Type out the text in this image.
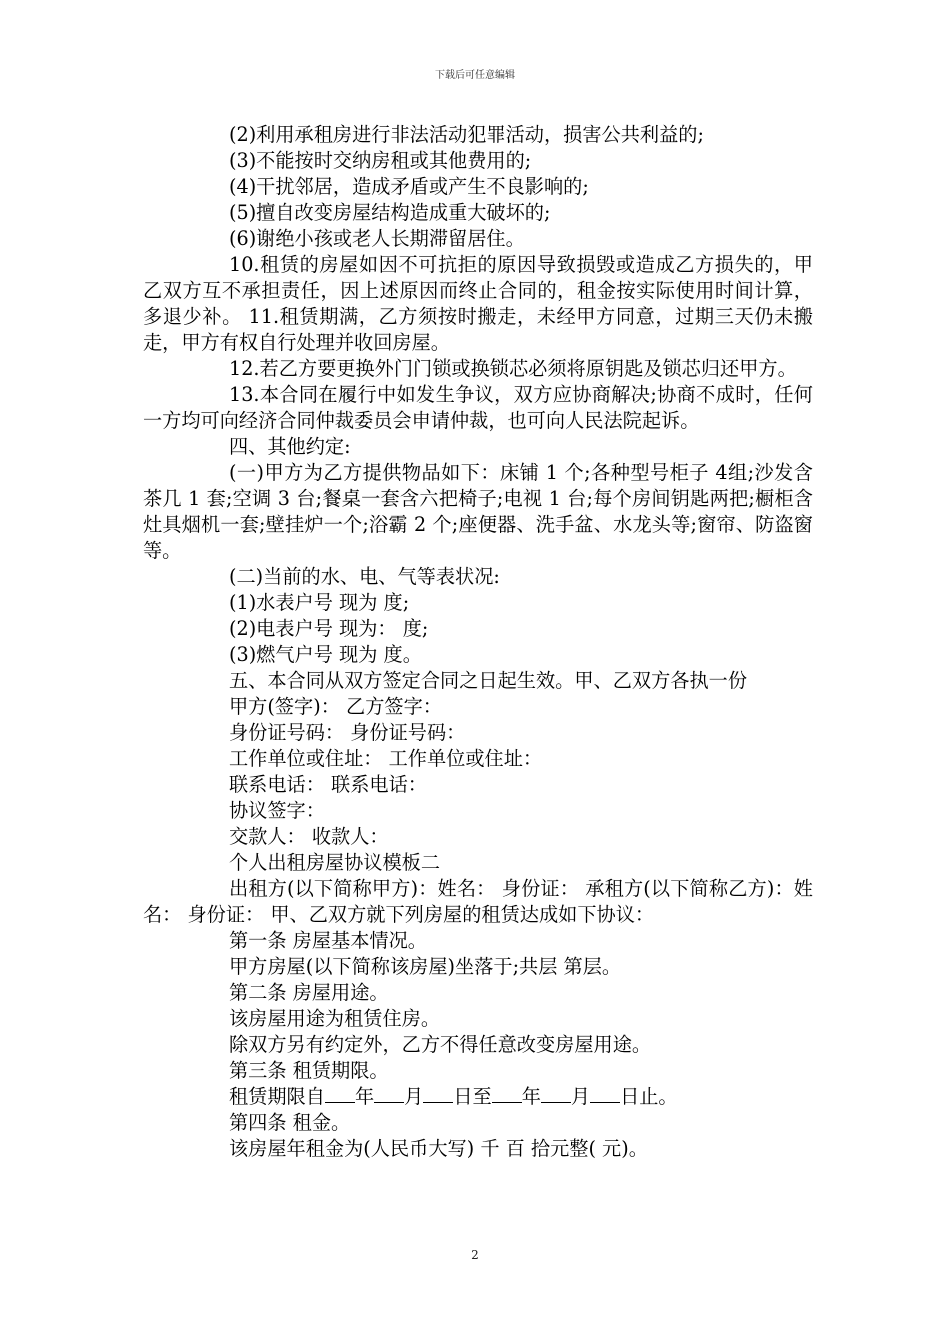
下载后可任意编辑

(2)利用承租房进行非法活动犯罪活动，损害公共利益的;

(3)不能按时交纳房租或其他费用的;

(4)干扰邻居，造成矛盾或产生不良影响的;

(5)擅自改变房屋结构造成重大破坏的;

(6)谢绝小孩或老人长期滞留居住。

10.租赁的房屋如因不可抗拒的原因导致损毁或造成乙方损失的，甲乙双方互不承担责任，因上述原因而终止合同的，租金按实际使用时间计算，多退少补。 11.租赁期满，乙方须按时搬走，未经甲方同意，过期三天仍未搬走，甲方有权自行处理并收回房屋。

12.若乙方要更换外门门锁或换锁芯必须将原钥匙及锁芯归还甲方。

13.本合同在履行中如发生争议，双方应协商解决;协商不成时，任何一方均可向经济合同仲裁委员会申请仲裁，也可向人民法院起诉。

四、其他约定:

(一)甲方为乙方提供物品如下：床铺 1 个;各种型号柜子 4组;沙发含茶几 1 套;空调 3 台;餐桌一套含六把椅子;电视 1 台;每个房间钥匙两把;橱柜含灶具烟机一套;壁挂炉一个;浴霸 2 个;座便器、洗手盆、水龙头等;窗帘、防盗窗等。

(二)当前的水、电、气等表状况:

(1)水表户号 现为 度;

(2)电表户号 现为： 度;

(3)燃气户号 现为 度。

五、本合同从双方签定合同之日起生效。甲、乙双方各执一份

甲方(签字)： 乙方签字：

身份证号码： 身份证号码：

工作单位或住址： 工作单位或住址：

联系电话： 联系电话：

协议签字：

交款人： 收款人：

个人出租房屋协议模板二

出租方(以下简称甲方)：姓名： 身份证： 承租方(以下简称乙方)：姓名： 身份证： 甲、乙双方就下列房屋的租赁达成如下协议：

第一条 房屋基本情况。

甲方房屋(以下简称该房屋)坐落于;共层 第层。

第二条 房屋用途。

该房屋用途为租赁住房。

除双方另有约定外，乙方不得任意改变房屋用途。

第三条 租赁期限。

租赁期限自 年 月 日至 年 月 日止。

第四条 租金。

该房屋年租金为(人民币大写) 千 百 拾元整( 元)。

2
